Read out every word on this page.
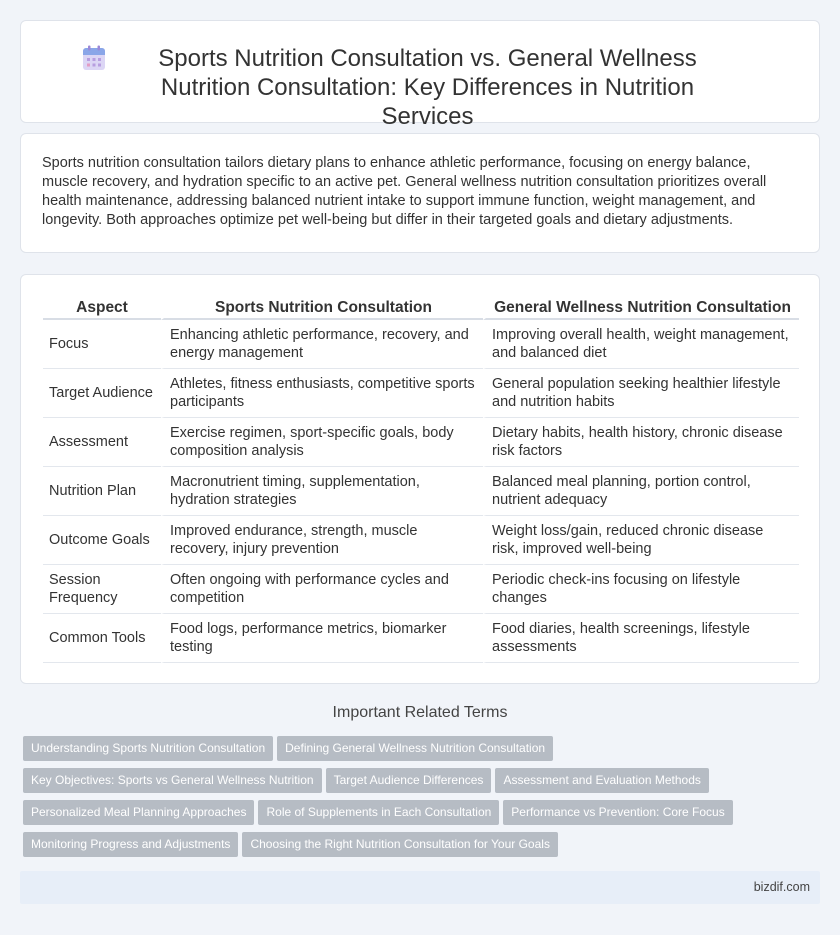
Sports Nutrition Consultation vs. General Wellness Nutrition Consultation: Key Differences in Nutrition Services

Sports nutrition consultation tailors dietary plans to enhance athletic performance, focusing on energy balance, muscle recovery, and hydration specific to an active pet. General wellness nutrition consultation prioritizes overall health maintenance, addressing balanced nutrient intake to support immune function, weight management, and longevity. Both approaches optimize pet well-being but differ in their targeted goals and dietary adjustments.

Aspect	Sports Nutrition Consultation	General Wellness Nutrition Consultation
Focus	Enhancing athletic performance, recovery, and energy management	Improving overall health, weight management, and balanced diet
Target Audience	Athletes, fitness enthusiasts, competitive sports participants	General population seeking healthier lifestyle and nutrition habits
Assessment	Exercise regimen, sport-specific goals, body composition analysis	Dietary habits, health history, chronic disease risk factors
Nutrition Plan	Macronutrient timing, supplementation, hydration strategies	Balanced meal planning, portion control, nutrient adequacy
Outcome Goals	Improved endurance, strength, muscle recovery, injury prevention	Weight loss/gain, reduced chronic disease risk, improved well-being
Session Frequency	Often ongoing with performance cycles and competition	Periodic check-ins focusing on lifestyle changes
Common Tools	Food logs, performance metrics, biomarker testing	Food diaries, health screenings, lifestyle assessments
Important Related Terms
Understanding Sports Nutrition Consultation Defining General Wellness Nutrition Consultation
Key Objectives: Sports vs General Wellness Nutrition Target Audience Differences Assessment and Evaluation Methods
Personalized Meal Planning Approaches Role of Supplements in Each Consultation Performance vs Prevention: Core Focus
Monitoring Progress and Adjustments Choosing the Right Nutrition Consultation for Your Goals
bizdif.com
